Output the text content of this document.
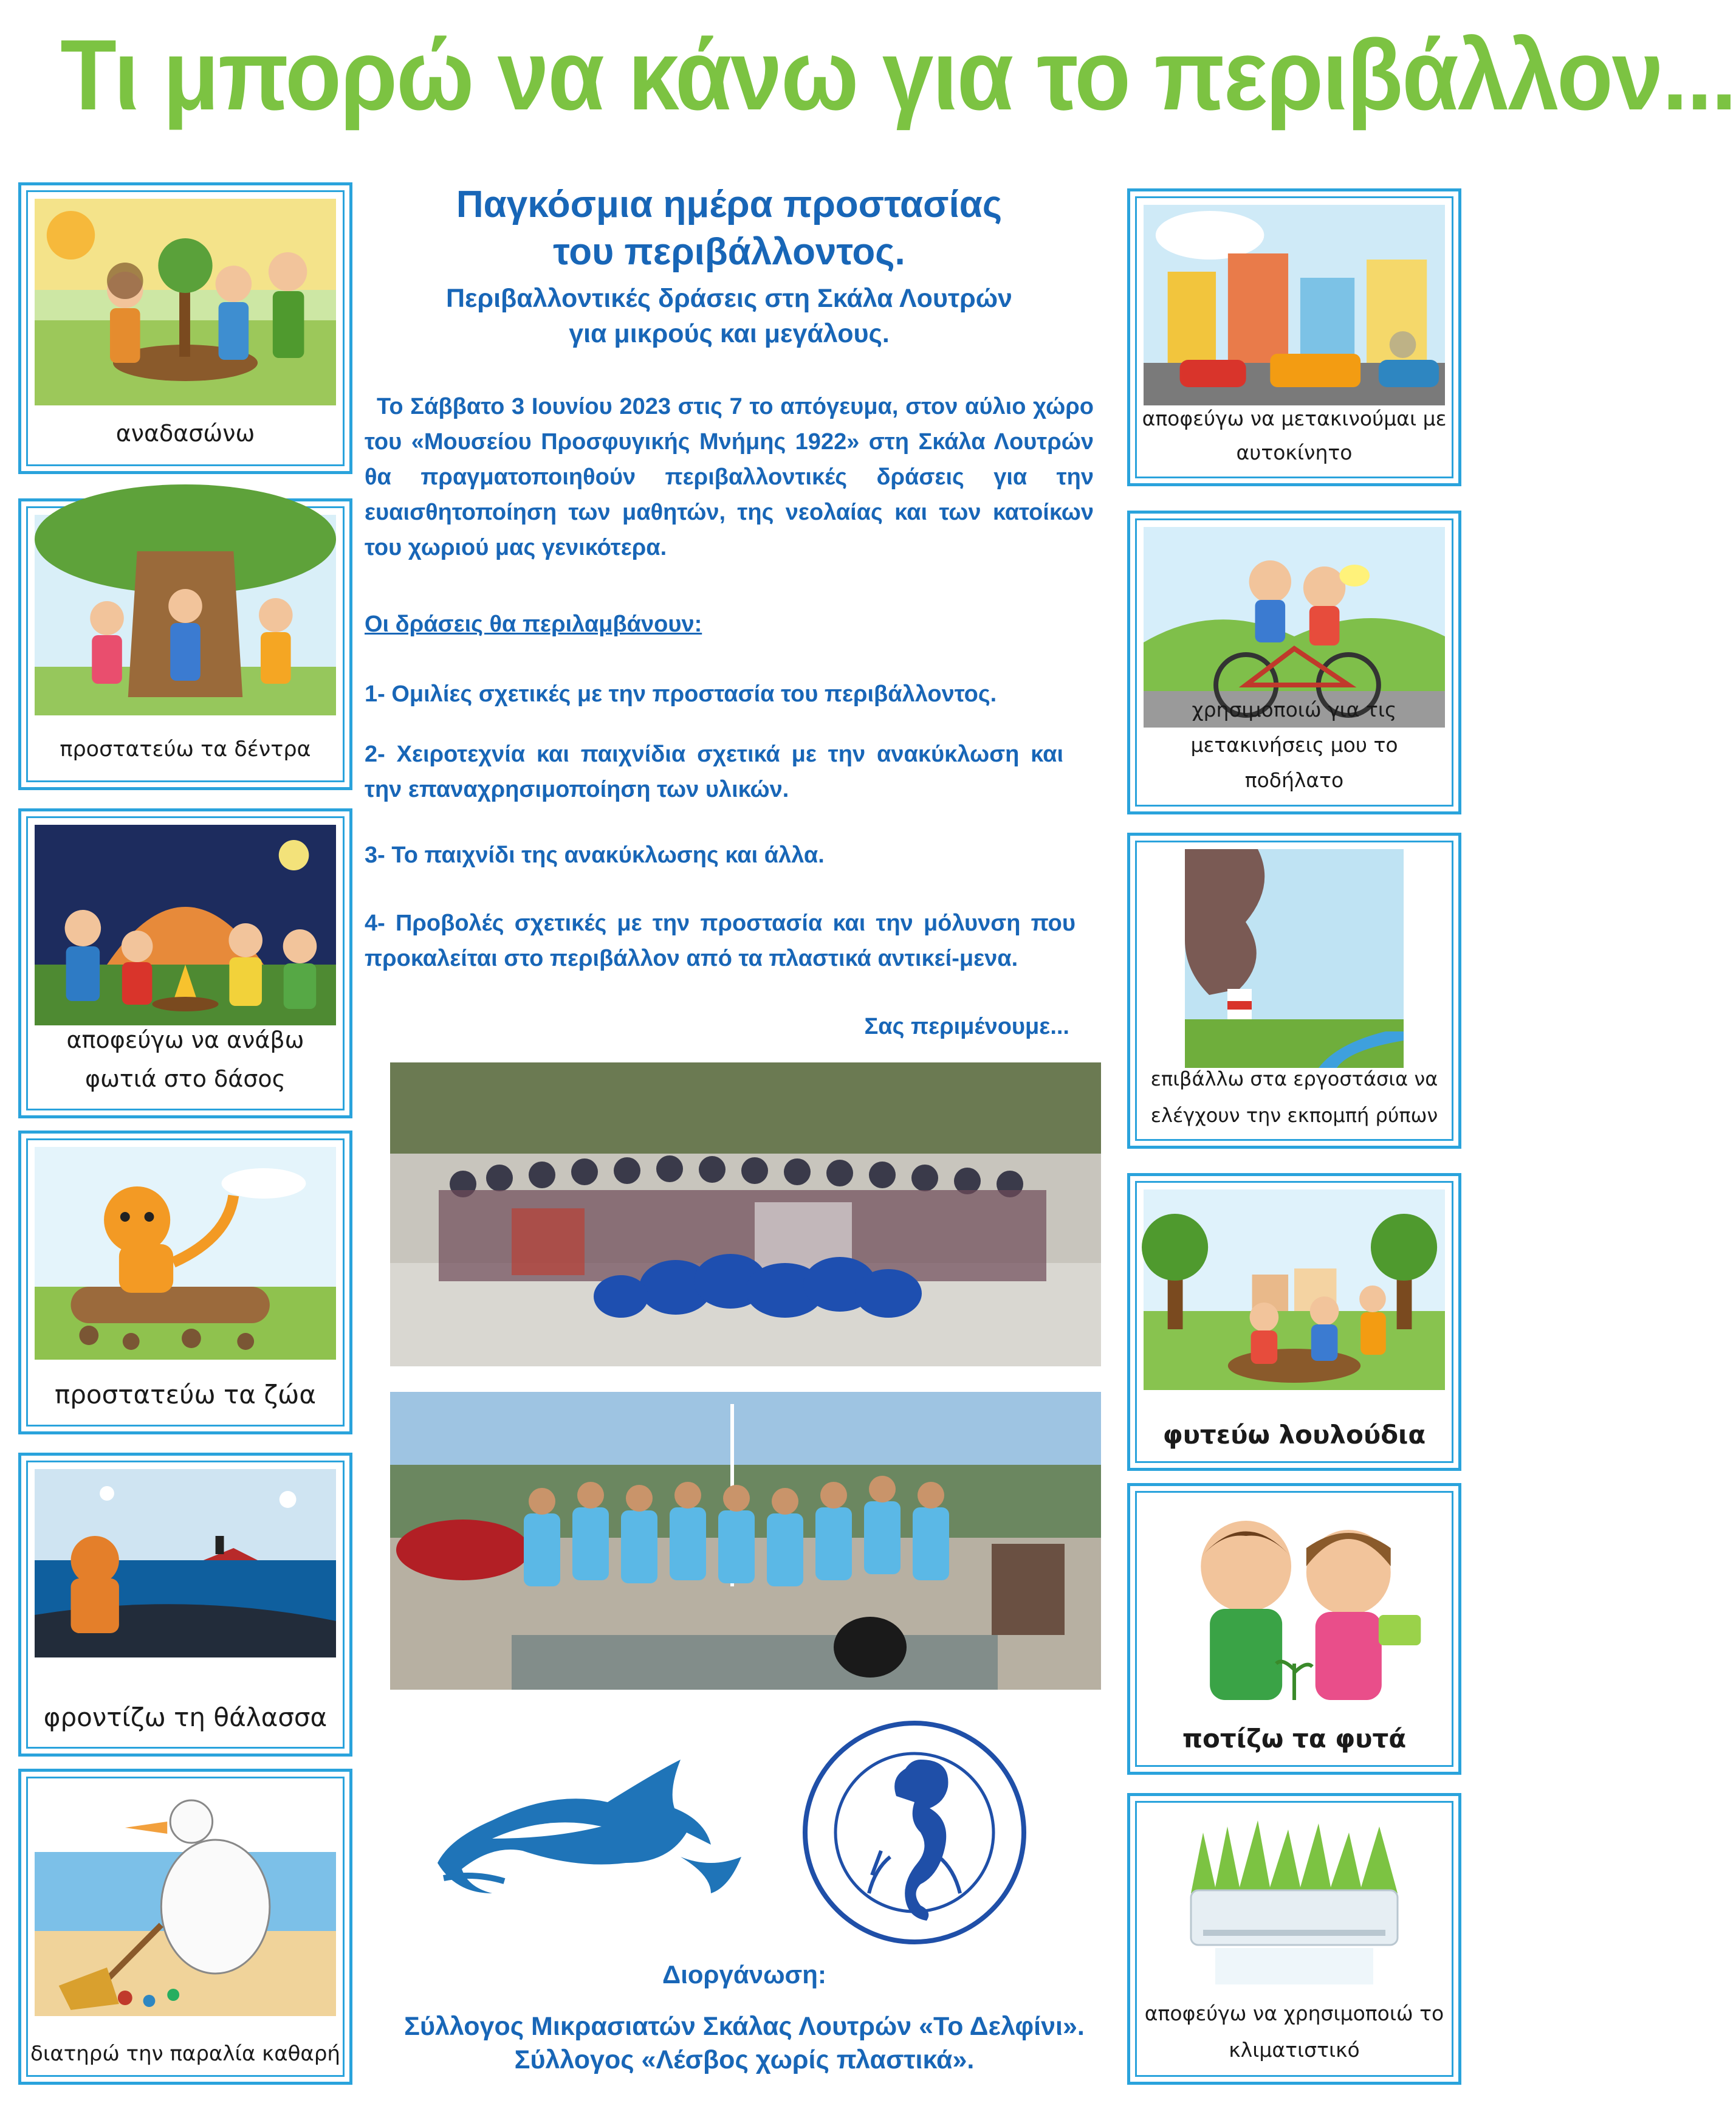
Τι μπορώ να κάνω για το περιβάλλον...
αναδασώνω
προστατεύω τα δέντρα
αποφεύγω να ανάβω φωτιά στο δάσος
προστατεύω τα ζώα
φροντίζω τη θάλασσα
διατηρώ την παραλία καθαρή
αποφεύγω να μετακινούμαι με αυτοκίνητο
χρησιμοποιώ για τις μετακινήσεις μου το ποδήλατο
επιβάλλω στα εργοστάσια να ελέγχουν την εκπομπή ρύπων
φυτεύω λουλούδια
ποτίζω τα φυτά
αποφεύγω να χρησιμοποιώ το κλιματιστικό
Παγκόσμια ημέρα προστασίας
του περιβάλλοντος.
Περιβαλλοντικές δράσεις στη Σκάλα Λουτρών
για μικρούς και μεγάλους.
Το Σάββατο 3 Ιουνίου 2023 στις 7 το απόγευμα, στον αύλιο χώρο του «Μουσείου Προσφυγικής Μνήμης 1922» στη Σκάλα Λουτρών θα πραγματοποιηθούν περιβαλλοντικές δράσεις για την ευαισθητοποίηση των μαθητών, της νεολαίας και των κατοίκων του χωριού μας γενικότερα.
Οι δράσεις θα περιλαμβάνουν:
1- Ομιλίες σχετικές με την προστασία του περιβάλλοντος.
2- Χειροτεχνία και παιχνίδια σχετικά με την ανακύκλωση και την επαναχρησιμοποίηση των υλικών.
3- Το παιχνίδι της ανακύκλωσης και άλλα.
4- Προβολές σχετικές με την προστασία και την μόλυνση που προκαλείται στο περιβάλλον από τα πλαστικά αντικεί-μενα.
Σας περιμένουμε...
Διοργάνωση:
Σύλλογος Μικρασιατών Σκάλας Λουτρών «Το Δελφίνι».
Σύλλογος «Λέσβος χωρίς πλαστικά».
